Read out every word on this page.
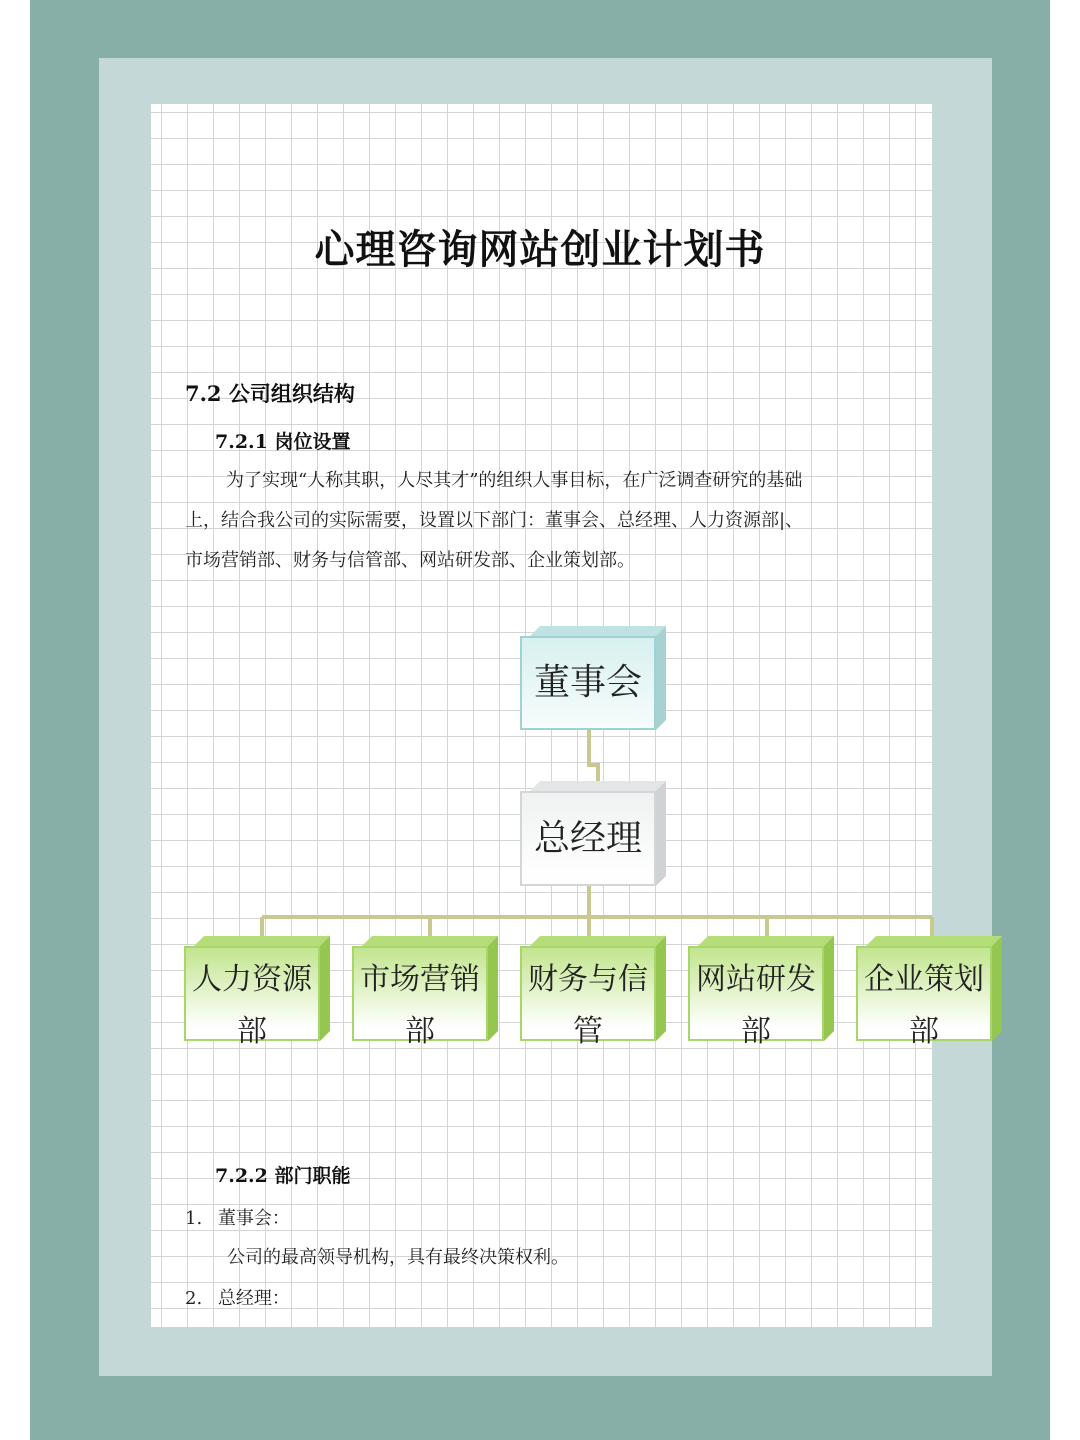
心理咨询网站创业计划书
7.2 公司组织结构
7.2.1 岗位设置
为了实现“人称其职，人尽其才”的组织人事目标，在广泛调查研究的基础
上，结合我公司的实际需要，设置以下部门：董事会、总经理、人力资源部|、
市场营销部、财务与信管部、网站研发部、企业策划部。
董事会
总经理
人力资源
部
市场营销
部
财务与信
管
网站研发
部
企业策划
部
7.2.2 部门职能
1. 董事会：
公司的最高领导机构，具有最终决策权利。
2. 总经理：
